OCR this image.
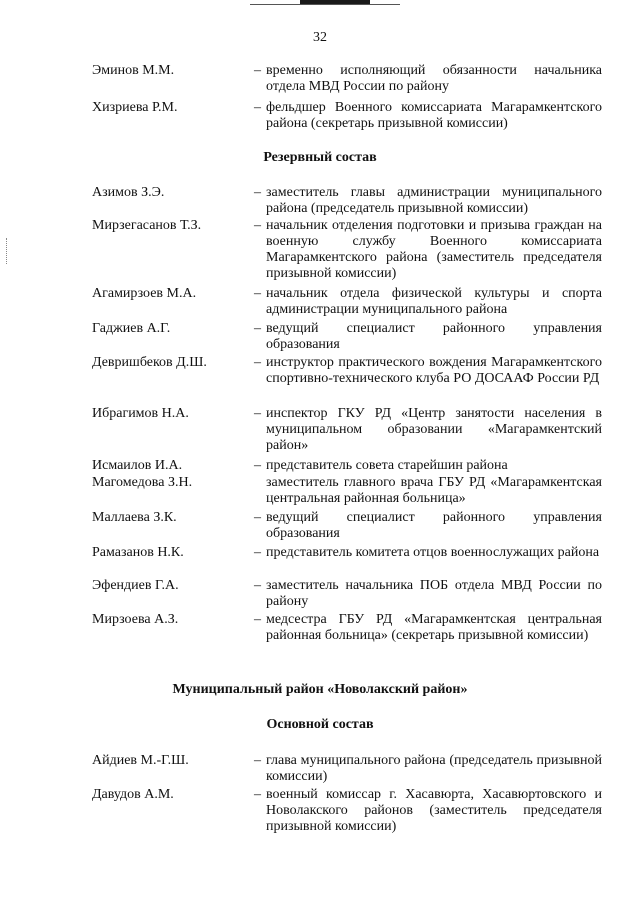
32
Эминов М.М.	– временно исполняющий обязанности начальника отдела МВД России по району
Хизриева Р.М.	– фельдшер Военного комиссариата Магарамкентского района (секретарь призывной комиссии)
Резервный состав
Азимов З.Э.	– заместитель главы администрации муниципального района (председатель призывной комиссии)
Мирзегасанов Т.З.	– начальник отделения подготовки и призыва граждан на военную службу Военного комиссариата Магарамкентского района (заместитель председателя призывной комиссии)
Агамирзоев М.А.	– начальник отдела физической культуры и спорта администрации муниципального района
Гаджиев А.Г.	– ведущий специалист районного управления образования
Девришбеков Д.Ш.	– инструктор практического вождения Магарамкентского спортивно-технического клуба РО ДОСААФ России РД
Ибрагимов Н.А.	– инспектор ГКУ РД «Центр занятости населения в муниципальном образовании «Магарамкентский район»
Исмаилов И.А.	– представитель совета старейшин района
Магомедова З.Н.	заместитель главного врача ГБУ РД «Магарамкентская центральная районная больница»
Маллаева З.К.	– ведущий специалист районного управления образования
Рамазанов Н.К.	– представитель комитета отцов военнослужащих района
Эфендиев Г.А.	– заместитель начальника ПОБ отдела МВД России по району
Мирзоева А.З.	– медсестра ГБУ РД «Магарамкентская центральная районная больница» (секретарь призывной комиссии)
Муниципальный район «Новолакский район»
Основной состав
Айдиев М.-Г.Ш.	– глава муниципального района (председатель призывной комиссии)
Давудов А.М.	– военный комиссар г. Хасавюрта, Хасавюртовского и Новолакского районов (заместитель председателя призывной комиссии)
